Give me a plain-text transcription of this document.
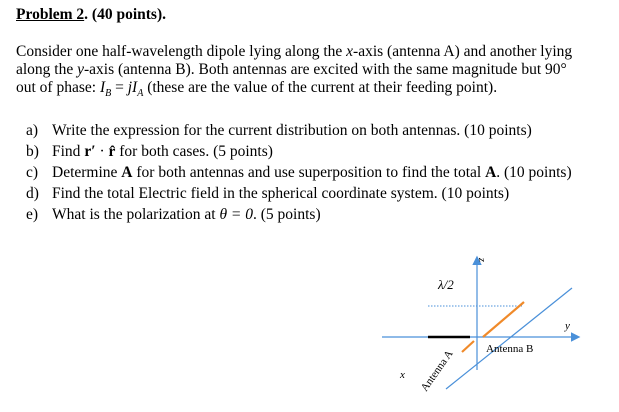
Problem 2. (40 points).
Consider one half-wavelength dipole lying along the x-axis (antenna A) and another lying
along the y-axis (antenna B). Both antennas are excited with the same magnitude but 90°
out of phase: $I_B = jI_A$ (these are the value of the current at their feeding point).
a) Write the expression for the current distribution on both antennas. (10 points)
b) Find r′ · r̂ for both cases. (5 points)
c) Determine A for both antennas and use superposition to find the total A. (10 points)
d) Find the total Electric field in the spherical coordinate system. (10 points)
e) What is the polarization at θ = 0. (5 points)
z
y
x
λ/2
Antenna B
Antenna A
